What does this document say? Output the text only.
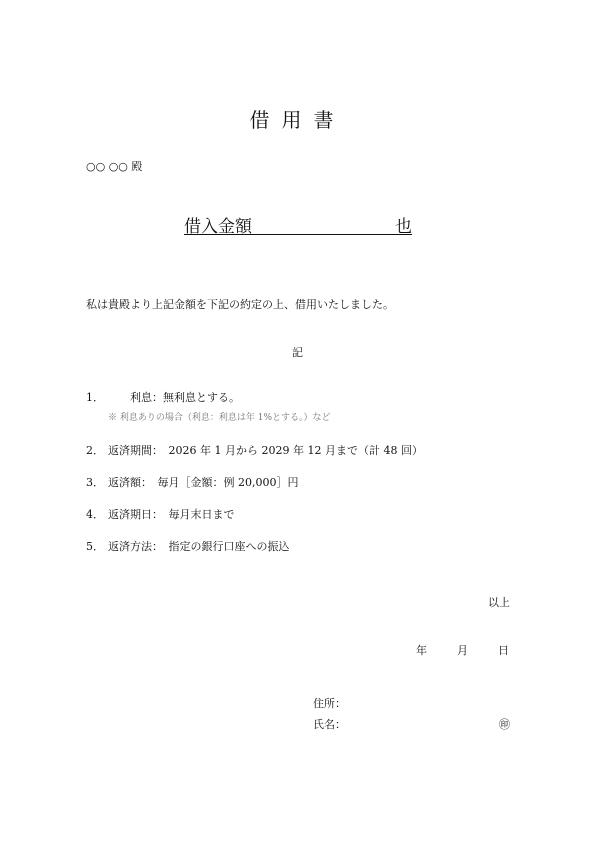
借用書
○○ ○○ 殿
借入金額	也
私は貴殿より上記金額を下記の約定の上、借用いたしました。
記
1．　　利息：無利息とする。
※ 利息ありの場合（利息：利息は年 1%とする。）など
2． 返済期間：　2026 年 1 月から 2029 年 12 月まで（計 48 回）
3． 返済額：　毎月［金額：例 20,000］円
4． 返済期日：　毎月末日まで
5． 返済方法：　指定の銀行口座への振込
以上
年	月	日
住所：
氏名：	㊞
